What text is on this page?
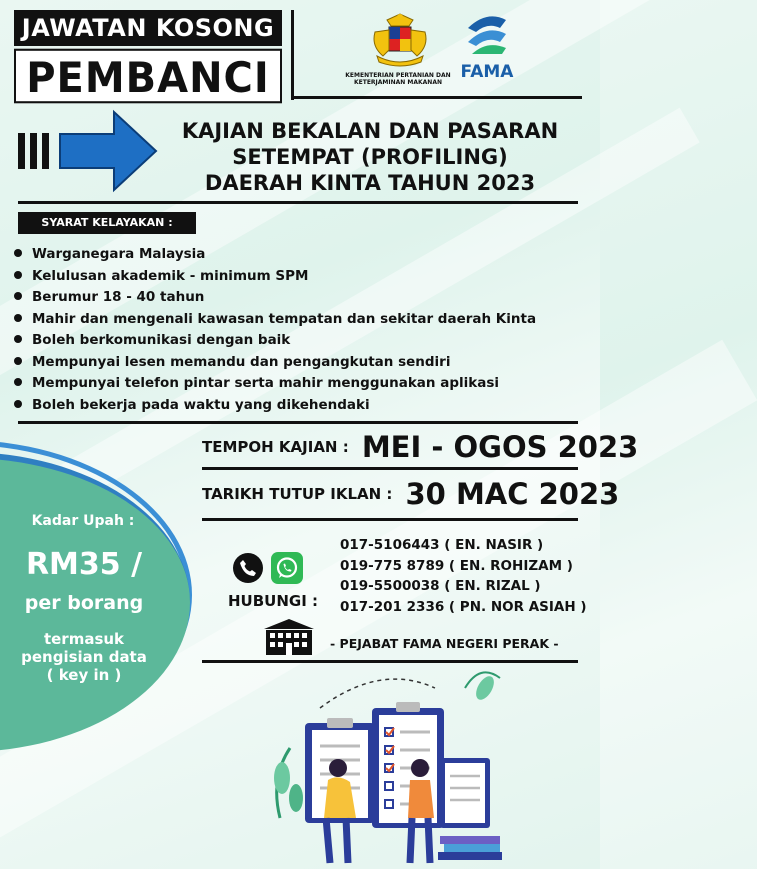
JAWATAN KOSONG
PEMBANCI	KEMENTERIAN PERTANIAN DAN KETERJAMINAN MAKANAN
FAMA
KAJIAN BEKALAN DAN PASARAN
SETEMPAT (PROFILING)
DAERAH KINTA TAHUN 2023
SYARAT KELAYAKAN :
Warganegara Malaysia
Kelulusan akademik - minimum SPM
Berumur 18 - 40 tahun
Mahir dan mengenali kawasan tempatan dan sekitar daerah Kinta
Boleh berkomunikasi dengan baik
Mempunyai lesen memandu dan pengangkutan sendiri
Mempunyai telefon pintar serta mahir menggunakan aplikasi
Boleh bekerja pada waktu yang dikehendaki
Kadar Upah :
RM35 /
per borang
termasuk
pengisian data
( key in )
TEMPOH KAJIAN : MEI - OGOS 2023
TARIKH TUTUP IKLAN : 30 MAC 2023
HUBUNGI :
017-5106443 ( EN. NASIR )
019-775 8789 ( EN. ROHIZAM )
019-5500038 ( EN. RIZAL )
017-201 2336 ( PN. NOR ASIAH )
- PEJABAT FAMA NEGERI PERAK -
